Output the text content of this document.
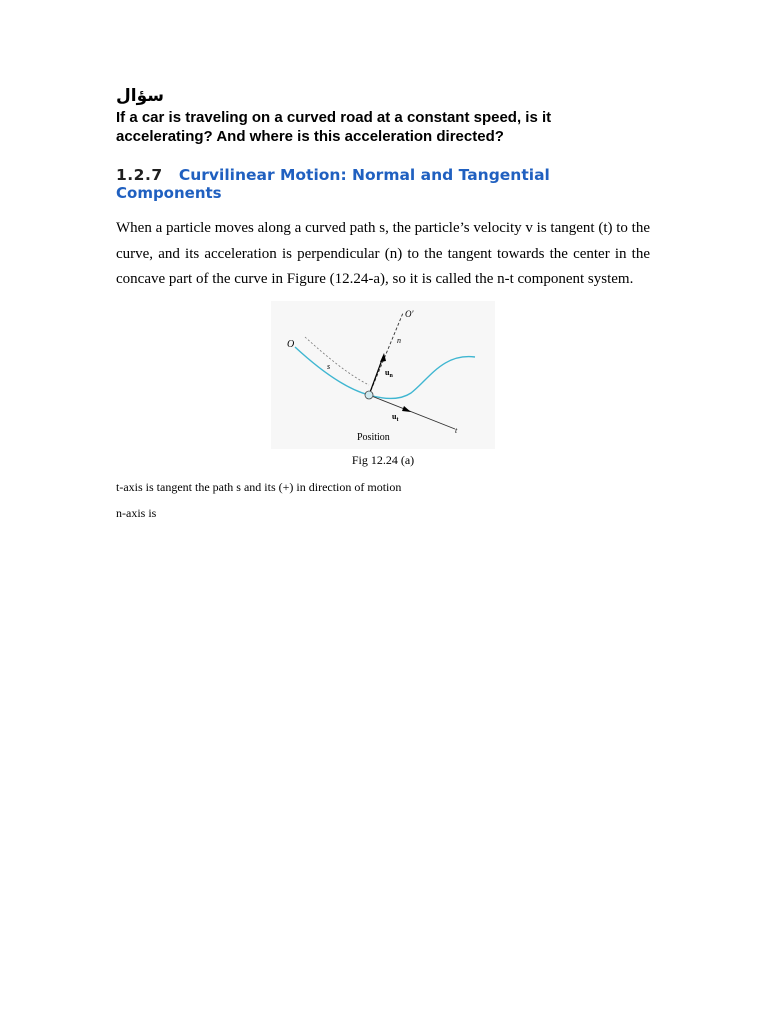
سؤال

If a car is traveling on a curved road at a constant speed, is it accelerating? And where is this acceleration directed?

1.2.7 Curvilinear Motion: Normal and Tangential
Components

When a particle moves along a curved path s, the particle’s velocity v is tangent (t) to the curve, and its acceleration is perpendicular (n) to the tangent towards the center in the concave part of the curve in Figure (12.24-a), so it is called the n-t component system.

O
O′
s
n
$u_n$
$u_t$
t
Position
Fig 12.24 (a)

t-axis is tangent the path s and its (+) in direction of motion

n-axis is
